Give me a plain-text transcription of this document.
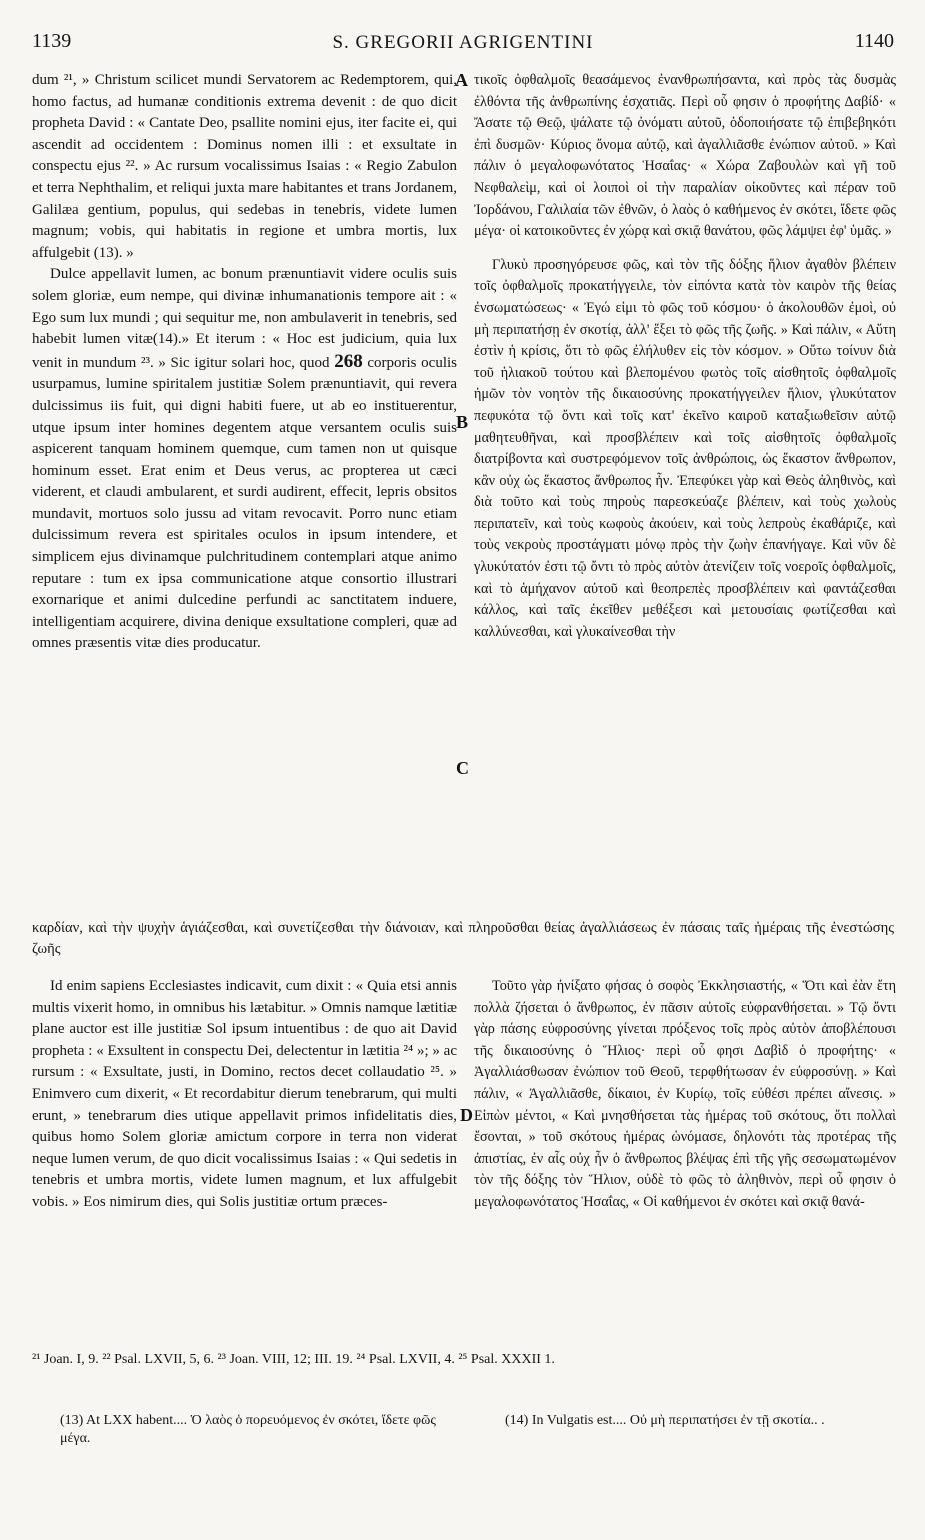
1139	S. GREGORII AGRIGENTINI	1140

dum ²¹, » Christum scilicet mundi Servatorem ac Redemptorem, qui, homo factus, ad humanæ conditionis extrema devenit : de quo dicit propheta David : « Cantate Deo, psallite nomini ejus, iter facite ei, qui ascendit ad occidentem : Dominus nomen illi : et exsultate in conspectu ejus ²². » Ac rursum vocalissimus Isaias : « Regio Zabulon et terra Nephthalim, et reliqui juxta mare habitantes et trans Jordanem, Galilæa gentium, populus, qui sedebas in tenebris, videte lumen magnum; vobis, qui habitatis in regione et umbra mortis, lux affulgebit (13). »

Dulce appellavit lumen, ac bonum prænuntiavit videre oculis suis solem gloriæ, eum nempe, qui divinæ inhumanationis tempore ait : « Ego sum lux mundi ; qui sequitur me, non ambulaverit in tenebris, sed habebit lumen vitæ(14).» Et iterum : « Hoc est judicium, quia lux venit in mundum ²³. » Sic igitur solari hoc, quod 268 corporis oculis usurpamus, lumine spiritalem justitiæ Solem prænuntiavit, qui revera dulcissimus iis fuit, qui digni habiti fuere, ut ab eo instituerentur, utque ipsum inter homines degentem atque versantem oculis suis aspicerent tanquam hominem quemque, cum tamen non ut quisque hominum esset. Erat enim et Deus verus, ac propterea ut cæci viderent, et claudi ambularent, et surdi audirent, effecit, lepris obsitos mundavit, mortuos solo jussu ad vitam revocavit. Porro nunc etiam dulcissimum revera est spiritales oculos in ipsum intendere, et simplicem ejus divinamque pulchritudinem contemplari atque animo reputare : tum ex ipsa communicatione atque consortio illustrari exornarique et animi dulcedine perfundi ac sanctitatem induere, intelligentiam acquirere, divina denique exsultatione compleri, quæ ad omnes præsentis vitæ dies producatur.

A
B
C

τικοῖς ὀφθαλμοῖς θεασάμενος ἐνανθρωπήσαντα, καὶ πρὸς τὰς δυσμὰς ἐλθόντα τῆς ἀνθρωπίνης ἐσχατιᾶς. Περὶ οὗ φησιν ὁ προφήτης Δαβίδ· « Ἄσατε τῷ Θεῷ, ψάλατε τῷ ὀνόματι αὐτοῦ, ὁδοποιήσατε τῷ ἐπιβεβηκότι ἐπὶ δυσμῶν· Κύριος ὄνομα αὐτῷ, καὶ ἀγαλλιᾶσθε ἐνώπιον αὐτοῦ. » Καὶ πάλιν ὁ μεγαλοφωνότατος Ἡσαΐας· « Χώρα Ζαβουλὼν καὶ γῆ τοῦ Νεφθαλεὶμ, καὶ οἱ λοιποὶ οἱ τὴν παραλίαν οἰκοῦντες καὶ πέραν τοῦ Ἰορδάνου, Γαλιλαία τῶν ἐθνῶν, ὁ λαὸς ὁ καθήμενος ἐν σκότει, ἴδετε φῶς μέγα· οἱ κατοικοῦντες ἐν χώρᾳ καὶ σκιᾷ θανάτου, φῶς λάμψει ἐφ' ὑμᾶς. »

Γλυκὺ προσηγόρευσε φῶς, καὶ τὸν τῆς δόξης ἥλιον ἀγαθὸν βλέπειν τοῖς ὀφθαλμοῖς προκατήγγειλε, τὸν εἰπόντα κατὰ τὸν καιρὸν τῆς θείας ἐνσωματώσεως· « Ἐγώ εἰμι τὸ φῶς τοῦ κόσμου· ὁ ἀκολουθῶν ἐμοὶ, οὐ μὴ περιπατήσῃ ἐν σκοτίᾳ, ἀλλ' ἕξει τὸ φῶς τῆς ζωῆς. » Καὶ πάλιν, « Αὕτη ἐστὶν ἡ κρίσις, ὅτι τὸ φῶς ἐλήλυθεν εἰς τὸν κόσμον. » Οὕτω τοίνυν διὰ τοῦ ἡλιακοῦ τούτου καὶ βλεπομένου φωτὸς τοῖς αἰσθητοῖς ὀφθαλμοῖς ἡμῶν τὸν νοητὸν τῆς δικαιοσύνης προκατήγγειλεν ἥλιον, γλυκύτατον πεφυκότα τῷ ὄντι καὶ τοῖς κατ' ἐκεῖνο καιροῦ καταξιωθεῖσιν αὐτῷ μαθητευθῆναι, καὶ προσβλέπειν καὶ τοῖς αἰσθητοῖς ὀφθαλμοῖς διατρίβοντα καὶ συστρεφόμενον τοῖς ἀνθρώποις, ὡς ἕκαστον ἄνθρωπον, κἂν οὐχ ὡς ἕκαστος ἄνθρωπος ἦν. Ἐπεφύκει γὰρ καὶ Θεὸς ἀληθινὸς, καὶ διὰ τοῦτο καὶ τοὺς πηροὺς παρεσκεύαζε βλέπειν, καὶ τοὺς χωλοὺς περιπατεῖν, καὶ τοὺς κωφοὺς ἀκούειν, καὶ τοὺς λεπροὺς ἐκαθάριζε, καὶ τοὺς νεκροὺς προστάγματι μόνῳ πρὸς τὴν ζωὴν ἐπανήγαγε. Καὶ νῦν δὲ γλυκύτατόν ἐστι τῷ ὄντι τὸ πρὸς αὐτὸν ἀτενίζειν τοῖς νοεροῖς ὀφθαλμοῖς, καὶ τὸ ἁμήχανον αὐτοῦ καὶ θεοπρεπὲς προσβλέπειν καὶ φαντάζεσθαι κάλλος, καὶ ταῖς ἐκεῖθεν μεθέξεσι καὶ μετουσίαις φωτίζεσθαι καὶ καλλύνεσθαι, καὶ γλυκαίνεσθαι τὴν

καρδίαν, καὶ τὴν ψυχὴν ἁγιάζεσθαι, καὶ συνετίζεσθαι τὴν διάνοιαν, καὶ πληροῦσθαι θείας ἀγαλλιάσεως ἐν πάσαις ταῖς ἡμέραις τῆς ἐνεστώσης ζωῆς

Id enim sapiens Ecclesiastes indicavit, cum dixit : « Quia etsi annis multis vixerit homo, in omnibus his lætabitur. » Omnis namque lætitiæ plane auctor est ille justitiæ Sol ipsum intuentibus : de quo ait David propheta : « Exsultent in conspectu Dei, delectentur in lætitia ²⁴ »; » ac rursum : « Exsultate, justi, in Domino, rectos decet collaudatio ²⁵. » Enimvero cum dixerit, « Et recordabitur dierum tenebrarum, qui multi erunt, » tenebrarum dies utique appellavit primos infidelitatis dies, quibus homo Solem gloriæ amictum corpore in terra non viderat neque lumen verum, de quo dicit vocalissimus Isaias : « Qui sedetis in tenebris et umbra mortis, videte lumen magnum, et lux affulgebit vobis. » Eos nimirum dies, qui Solis justitiæ ortum præces-

D

Τοῦτο γὰρ ἠνίξατο φήσας ὁ σοφὸς Ἐκκλησιαστής, « Ὅτι καὶ ἐὰν ἔτη πολλὰ ζήσεται ὁ ἄνθρωπος, ἐν πᾶσιν αὐτοῖς εὐφρανθήσεται. » Τῷ ὄντι γὰρ πάσης εὐφροσύνης γίνεται πρόξενος τοῖς πρὸς αὐτὸν ἀποβλέπουσι τῆς δικαιοσύνης ὁ Ἥλιος· περὶ οὗ φησι Δαβὶδ ὁ προφήτης· « Ἀγαλλιάσθωσαν ἐνώπιον τοῦ Θεοῦ, τερφθήτωσαν ἐν εὐφροσύνῃ. » Καὶ πάλιν, « Ἀγαλλιᾶσθε, δίκαιοι, ἐν Κυρίῳ, τοῖς εὐθέσι πρέπει αἴνεσις. » Εἰπὼν μέντοι, « Καὶ μνησθήσεται τὰς ἡμέρας τοῦ σκότους, ὅτι πολλαὶ ἔσονται, » τοῦ σκότους ἡμέρας ὠνόμασε, δηλονότι τὰς προτέρας τῆς ἀπιστίας, ἐν αἷς οὐχ ἦν ὁ ἄνθρωπος βλέψας ἐπὶ τῆς γῆς σεσωματωμένον τὸν τῆς δόξης τὸν Ἥλιον, οὐδὲ τὸ φῶς τὸ ἀληθινὸν, περὶ οὗ φησιν ὁ μεγαλοφωνότατος Ἡσαΐας, « Οἱ καθήμενοι ἐν σκότει καὶ σκιᾷ θανά-

²¹ Joan. I, 9. ²² Psal. LXVII, 5, 6. ²³ Joan. VIII, 12; III. 19. ²⁴ Psal. LXVII, 4. ²⁵ Psal. XXXII 1.
(13) At LXX habent.... Ὁ λαὸς ὁ πορευόμενος ἐν σκότει, ἴδετε φῶς μέγα.
(14) In Vulgatis est.... Οὐ μὴ περιπατήσει ἐν τῇ σκοτία.. .
